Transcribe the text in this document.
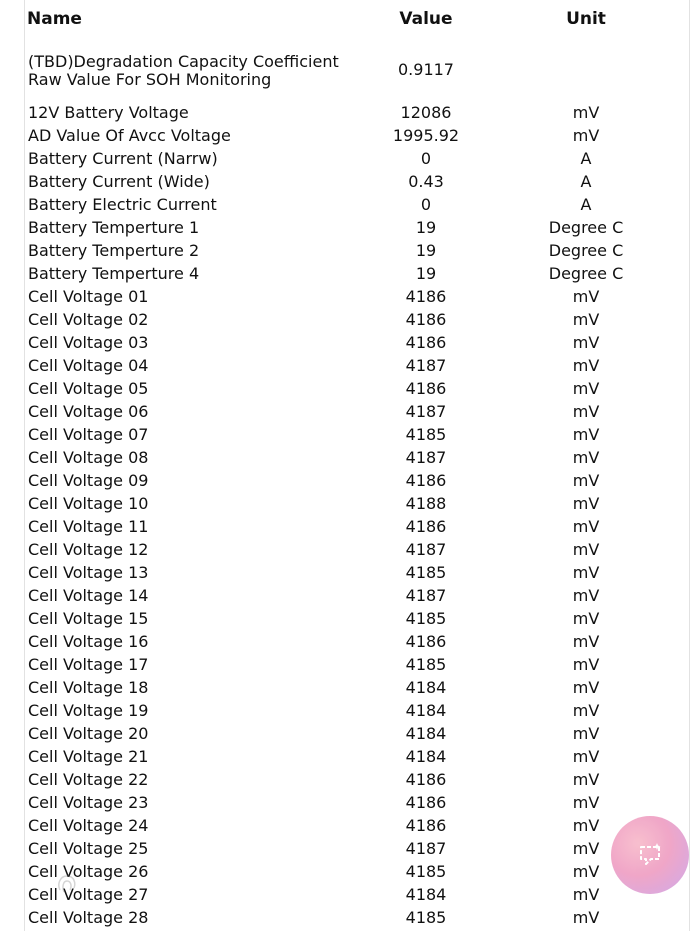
Name	Value	Unit
(TBD)Degradation Capacity Coefficient Raw Value For SOH Monitoring	0.9117	
12V Battery Voltage	12086	mV
AD Value Of Avcc Voltage	1995.92	mV
Battery Current (Narrw)	0	A
Battery Current (Wide)	0.43	A
Battery Electric Current	0	A
Battery Temperture 1	19	Degree C
Battery Temperture 2	19	Degree C
Battery Temperture 4	19	Degree C
Cell Voltage 01	4186	mV
Cell Voltage 02	4186	mV
Cell Voltage 03	4186	mV
Cell Voltage 04	4187	mV
Cell Voltage 05	4186	mV
Cell Voltage 06	4187	mV
Cell Voltage 07	4185	mV
Cell Voltage 08	4187	mV
Cell Voltage 09	4186	mV
Cell Voltage 10	4188	mV
Cell Voltage 11	4186	mV
Cell Voltage 12	4187	mV
Cell Voltage 13	4185	mV
Cell Voltage 14	4187	mV
Cell Voltage 15	4185	mV
Cell Voltage 16	4186	mV
Cell Voltage 17	4185	mV
Cell Voltage 18	4184	mV
Cell Voltage 19	4184	mV
Cell Voltage 20	4184	mV
Cell Voltage 21	4184	mV
Cell Voltage 22	4186	mV
Cell Voltage 23	4186	mV
Cell Voltage 24	4186	mV
Cell Voltage 25	4187	mV
Cell Voltage 26	4185	mV
Cell Voltage 27	4184	mV
Cell Voltage 28	4185	mV
